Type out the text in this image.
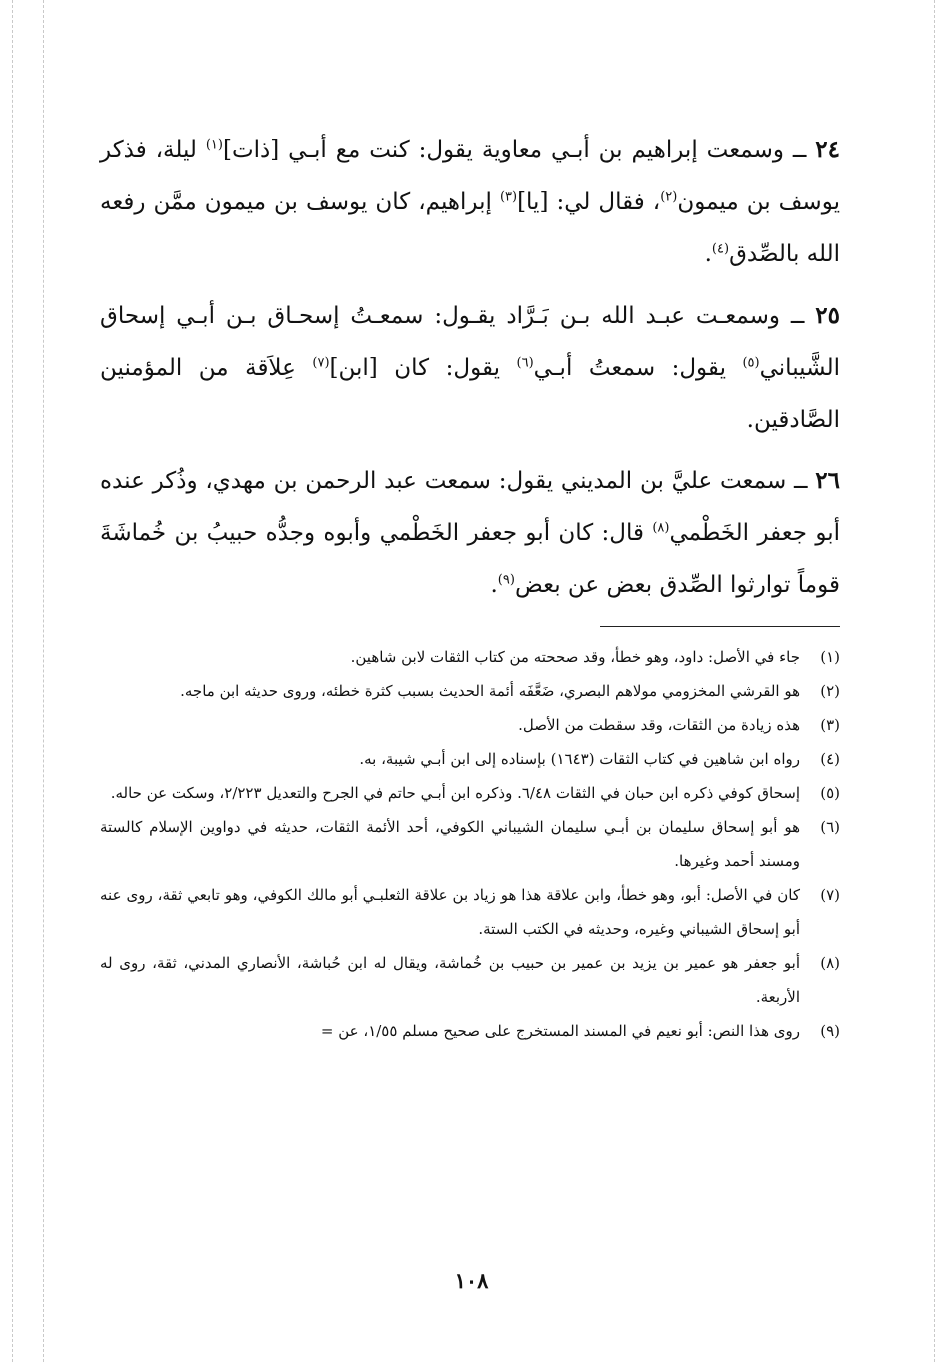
٢٤ ــ وسمعت إبراهيم بن أبـي معاوية يقول: كنت مع أبـي [ذات]$^{(١)}$ ليلة، فذكر يوسف بن ميمون$^{(٢)}$، فقال لي: [يا]$^{(٣)}$ إبراهيم، كان يوسف بن ميمون ممَّن رفعه الله بالصِّدق$^{(٤)}$.

٢٥ ــ وسمعـت عبـد الله بـن بَـرَّاد يقـول: سمعـتُ إسحـاق بـن أبـي إسحاق الشَّيباني$^{(٥)}$ يقول: سمعتُ أبـي$^{(٦)}$ يقول: كان [ابن]$^{(٧)}$ عِلاَقة من المؤمنين الصَّادقين.

٢٦ ــ سمعت عليَّ بن المديني يقول: سمعت عبد الرحمن بن مهدي، وذُكر عنده أبو جعفر الخَطْمي$^{(٨)}$ قال: كان أبو جعفر الخَطْمي وأبوه وجدُّه حبيبُ بن خُماشَةَ قوماً توارثوا الصِّدق بعض عن بعض$^{(٩)}$.

(١)
جاء في الأصل: داود، وهو خطأ، وقد صححته من كتاب الثقات لابن شاهين.
(٢)
هو القرشي المخزومي مولاهم البصري، ضَعَّفَه أئمة الحديث بسبب كثرة خطئه، وروى حديثه ابن ماجه.
(٣)
هذه زيادة من الثقات، وقد سقطت من الأصل.
(٤)
رواه ابن شاهين في كتاب الثقات (١٦٤٣) بإسناده إلى ابن أبـي شيبة، به.
(٥)
إسحاق كوفي ذكره ابن حبان في الثقات ٦/٤٨. وذكره ابن أبـي حاتم في الجرح والتعديل ٢/٢٢٣، وسكت عن حاله.
(٦)
هو أبو إسحاق سليمان بن أبـي سليمان الشيباني الكوفي، أحد الأئمة الثقات، حديثه في دواوين الإسلام كالستة ومسند أحمد وغيرها.
(٧)
كان في الأصل: أبو، وهو خطأ، وابن علاقة هذا هو زياد بن علاقة الثعلبـي أبو مالك الكوفي، وهو تابعي ثقة، روى عنه أبو إسحاق الشيباني وغيره، وحديثه في الكتب الستة.
(٨)
أبو جعفر هو عمير بن يزيد بن عمير بن حبيب بن خُماشة، ويقال له ابن حُباشة، الأنصاري المدني، ثقة، روى له الأربعة.
(٩)
روى هذا النص: أبو نعيم في المسند المستخرج على صحيح مسلم ١/٥٥، عن =
١٠٨
